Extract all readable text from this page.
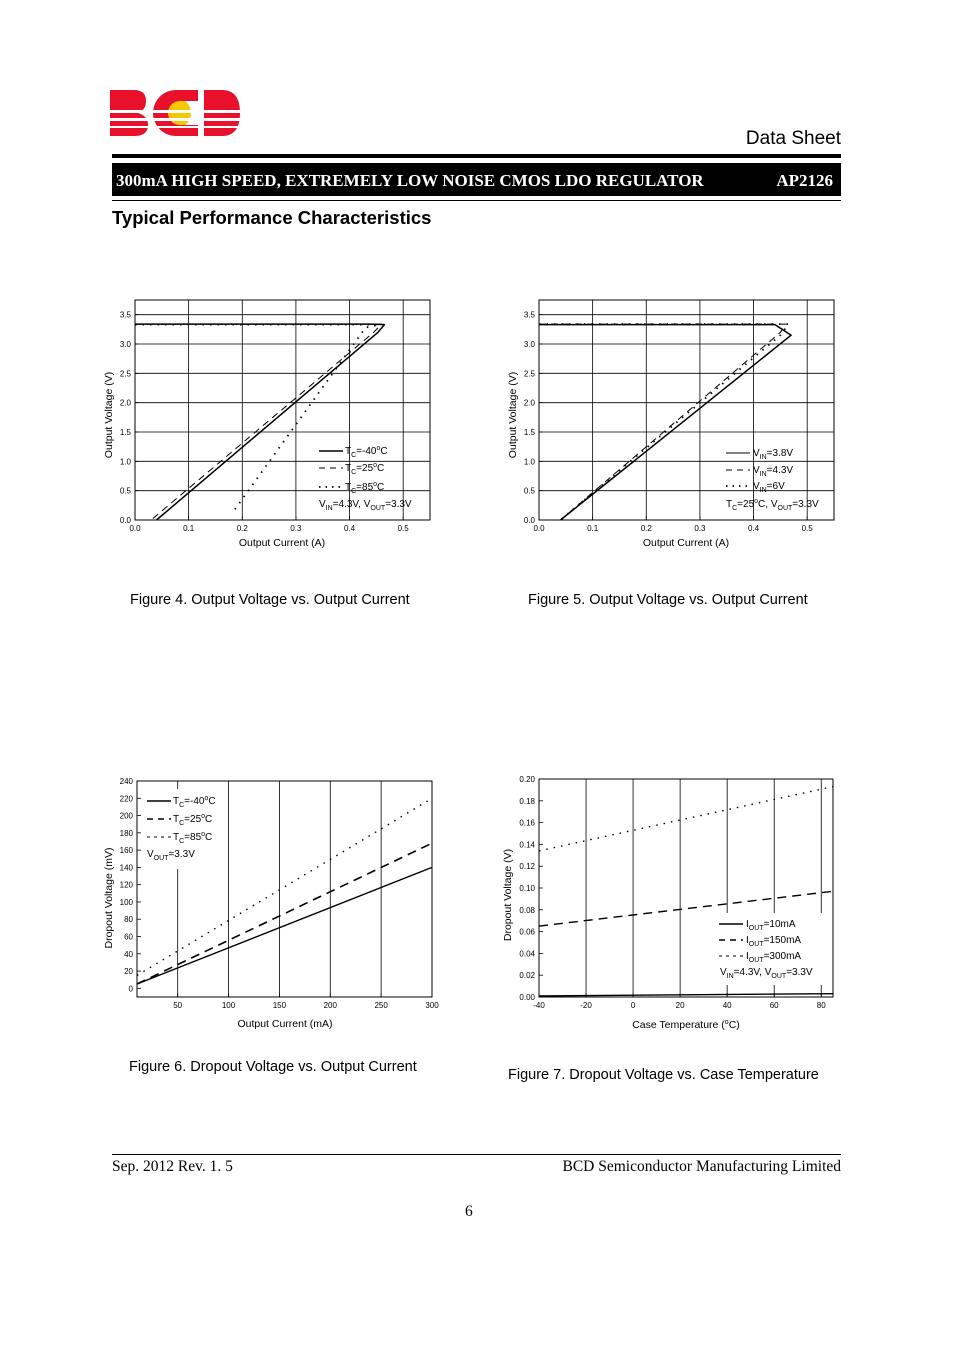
Data Sheet
300mA HIGH SPEED, EXTREMELY LOW NOISE CMOS LDO REGULATOR	AP2126
Typical Performance Characteristics
0.0	0.1	0.2	0.3	0.4	0.5
0.0
0.5
1.0
1.5
2.0
2.5
3.0
3.5
$T_C=-40^oC$
$T_C=25^oC$
$T_C=85^oC$
$V_{IN}=4.3V$, $V_{OUT}=3.3V$
Output Current (A)
Output Voltage (V)
Figure 4. Output Voltage vs. Output Current
0.0	0.1	0.2	0.3	0.4	0.5
0.0
0.5
1.0
1.5
2.0
2.5
3.0
3.5
$V_{IN}=3.8V$
$V_{IN}=4.3V$
$V_{IN}=6V$
$T_C=25^oC$, $V_{OUT}=3.3V$
Output Current (A)
Output Voltage (V)
Figure 5. Output Voltage vs. Output Current
50	100	150	200	250	300
0
20
40
60
80
100
120
140
160
180
200
220
240
$T_C=-40^oC$
$T_C=25^oC$
$T_C=85^oC$
$V_{OUT}=3.3V$
Output Current (mA)
Dropout Voltage (mV)
Figure 6. Dropout Voltage vs. Output Current
-40	-20	0	20	40	60	80
0.00
0.02
0.04
0.06
0.08
0.10
0.12
0.14
0.16
0.18
0.20
$I_{OUT}=10mA$
$I_{OUT}=150mA$
$I_{OUT}=300mA$
$V_{IN}=4.3V$, $V_{OUT}=3.3V$
Case Temperature ($^o$C)
Dropout Voltage (V)
Figure 7. Dropout Voltage vs. Case Temperature
Sep. 2012 Rev. 1. 5	BCD Semiconductor Manufacturing Limited
6
